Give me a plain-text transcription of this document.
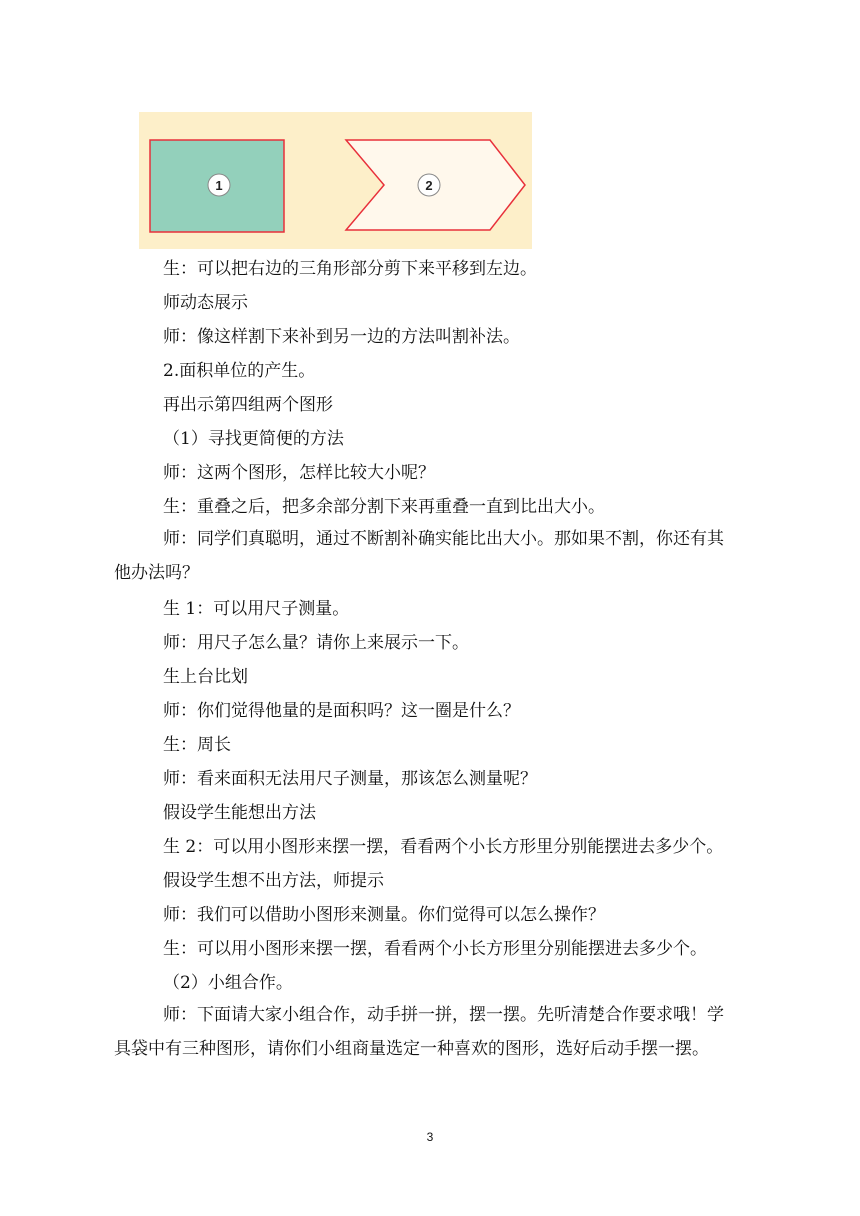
1	2
生：可以把右边的三角形部分剪下来平移到左边。
师动态展示
师：像这样割下来补到另一边的方法叫割补法。
2.面积单位的产生。
再出示第四组两个图形
（1）寻找更简便的方法
师：这两个图形，怎样比较大小呢？
生：重叠之后，把多余部分割下来再重叠一直到比出大小。
师：同学们真聪明，通过不断割补确实能比出大小。那如果不割，你还有其他办法吗？
生 1：可以用尺子测量。
师：用尺子怎么量？请你上来展示一下。
生上台比划
师：你们觉得他量的是面积吗？这一圈是什么？
生：周长
师：看来面积无法用尺子测量，那该怎么测量呢？
假设学生能想出方法
生 2：可以用小图形来摆一摆，看看两个小长方形里分别能摆进去多少个。
假设学生想不出方法，师提示
师：我们可以借助小图形来测量。你们觉得可以怎么操作？
生：可以用小图形来摆一摆，看看两个小长方形里分别能摆进去多少个。
（2）小组合作。
师：下面请大家小组合作，动手拼一拼，摆一摆。先听清楚合作要求哦！学具袋中有三种图形，请你们小组商量选定一种喜欢的图形，选好后动手摆一摆。
3
